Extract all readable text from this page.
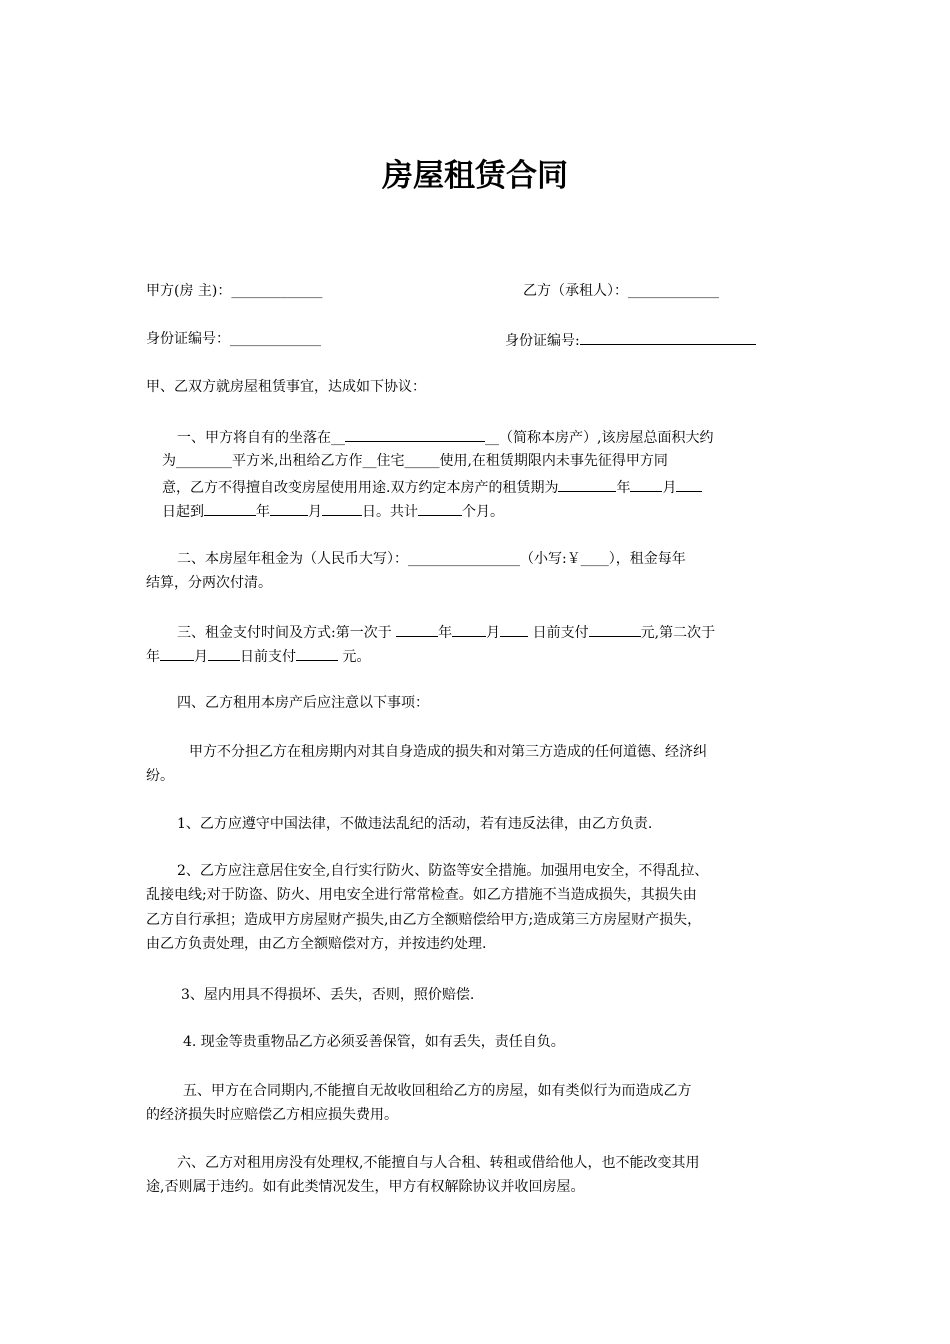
房屋租赁合同
甲方(房 主)：_____________	乙方（承租人）：_____________
身份证编号：_____________	身份证编号:
甲、乙双方就房屋租赁事宜，达成如下协议：
一、甲方将自有的坐落在__	__（简称本房产）,该房屋总面积大约
为________平方米,出租给乙方作__住宅_____使用,在租赁期限内未事先征得甲方同
意，乙方不得擅自改变房屋使用用途.双方约定本房产的租赁期为	年 月
日起到	年	月	日。共计	个月。
二、本房屋年租金为（人民币大写）：________________（小写:￥____），租金每年
结算，分两次付清。
三、租金支付时间及方式:第一次于	年 月 日前支付	元,第二次于
年 月 日前支付	元。
四、乙方租用本房产后应注意以下事项：
甲方不分担乙方在租房期内对其自身造成的损失和对第三方造成的任何道德、经济纠
纷。
1、乙方应遵守中国法律，不做违法乱纪的活动，若有违反法律，由乙方负责.
2、乙方应注意居住安全,自行实行防火、防盗等安全措施。加强用电安全，不得乱拉、
乱接电线;对于防盗、防火、用电安全进行常常检查。如乙方措施不当造成损失，其损失由
乙方自行承担；造成甲方房屋财产损失,由乙方全额赔偿给甲方;造成第三方房屋财产损失，
由乙方负责处理，由乙方全额赔偿对方，并按违约处理.
3、屋内用具不得损坏、丢失，否则，照价赔偿.
4. 现金等贵重物品乙方必须妥善保管，如有丢失，责任自负。
五、甲方在合同期内,不能擅自无故收回租给乙方的房屋，如有类似行为而造成乙方
的经济损失时应赔偿乙方相应损失费用。
六、乙方对租用房没有处理权,不能擅自与人合租、转租或借给他人，也不能改变其用
途,否则属于违约。如有此类情况发生，甲方有权解除协议并收回房屋。
